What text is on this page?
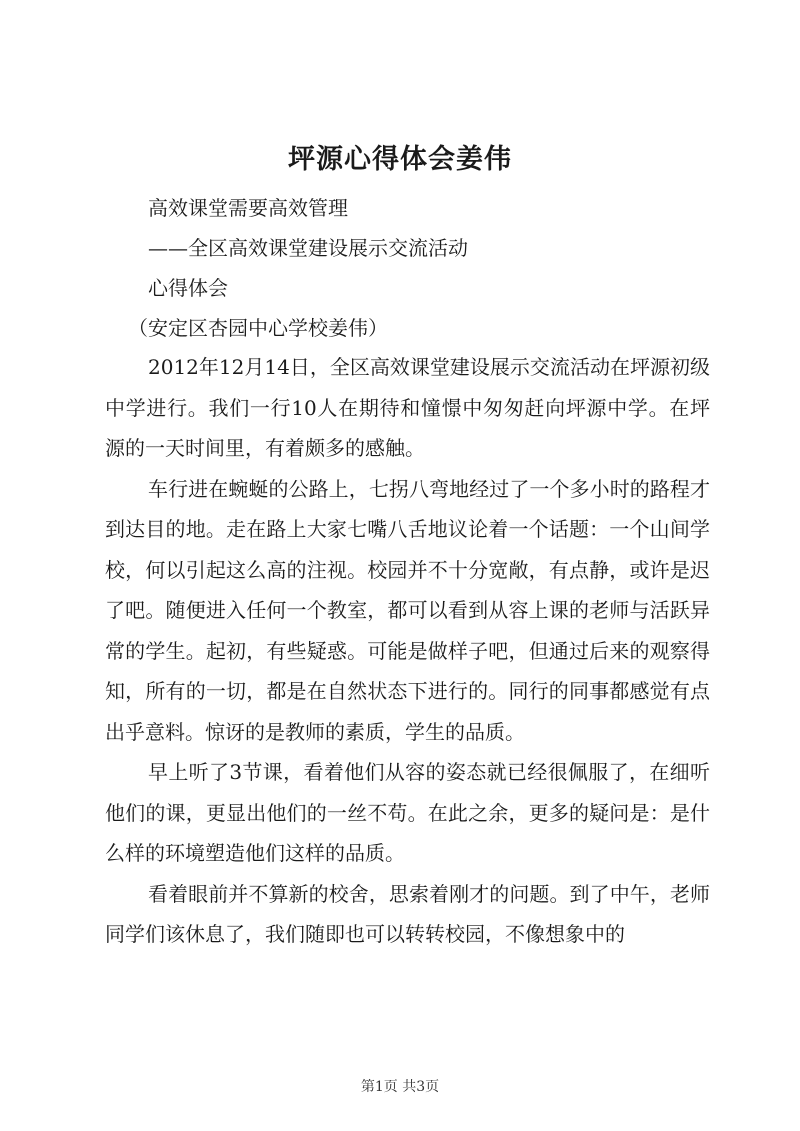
坪源心得体会姜伟
高效课堂需要高效管理
——全区高效课堂建设展示交流活动
心得体会
（安定区杏园中心学校姜伟）

2012年12月14日，全区高效课堂建设展示交流活动在坪源初级中学进行。我们一行10人在期待和憧憬中匆匆赶向坪源中学。在坪源的一天时间里，有着颇多的感触。

车行进在蜿蜒的公路上，七拐八弯地经过了一个多小时的路程才到达目的地。走在路上大家七嘴八舌地议论着一个话题：一个山间学校，何以引起这么高的注视。校园并不十分宽敞，有点静，或许是迟了吧。随便进入任何一个教室，都可以看到从容上课的老师与活跃异常的学生。起初，有些疑惑。可能是做样子吧，但通过后来的观察得知，所有的一切，都是在自然状态下进行的。同行的同事都感觉有点出乎意料。惊讶的是教师的素质，学生的品质。

早上听了3节课，看着他们从容的姿态就已经很佩服了，在细听他们的课，更显出他们的一丝不苟。在此之余，更多的疑问是：是什么样的环境塑造他们这样的品质。

看着眼前并不算新的校舍，思索着刚才的问题。到了中午，老师同学们该休息了，我们随即也可以转转校园，不像想象中的

第1页 共3页
